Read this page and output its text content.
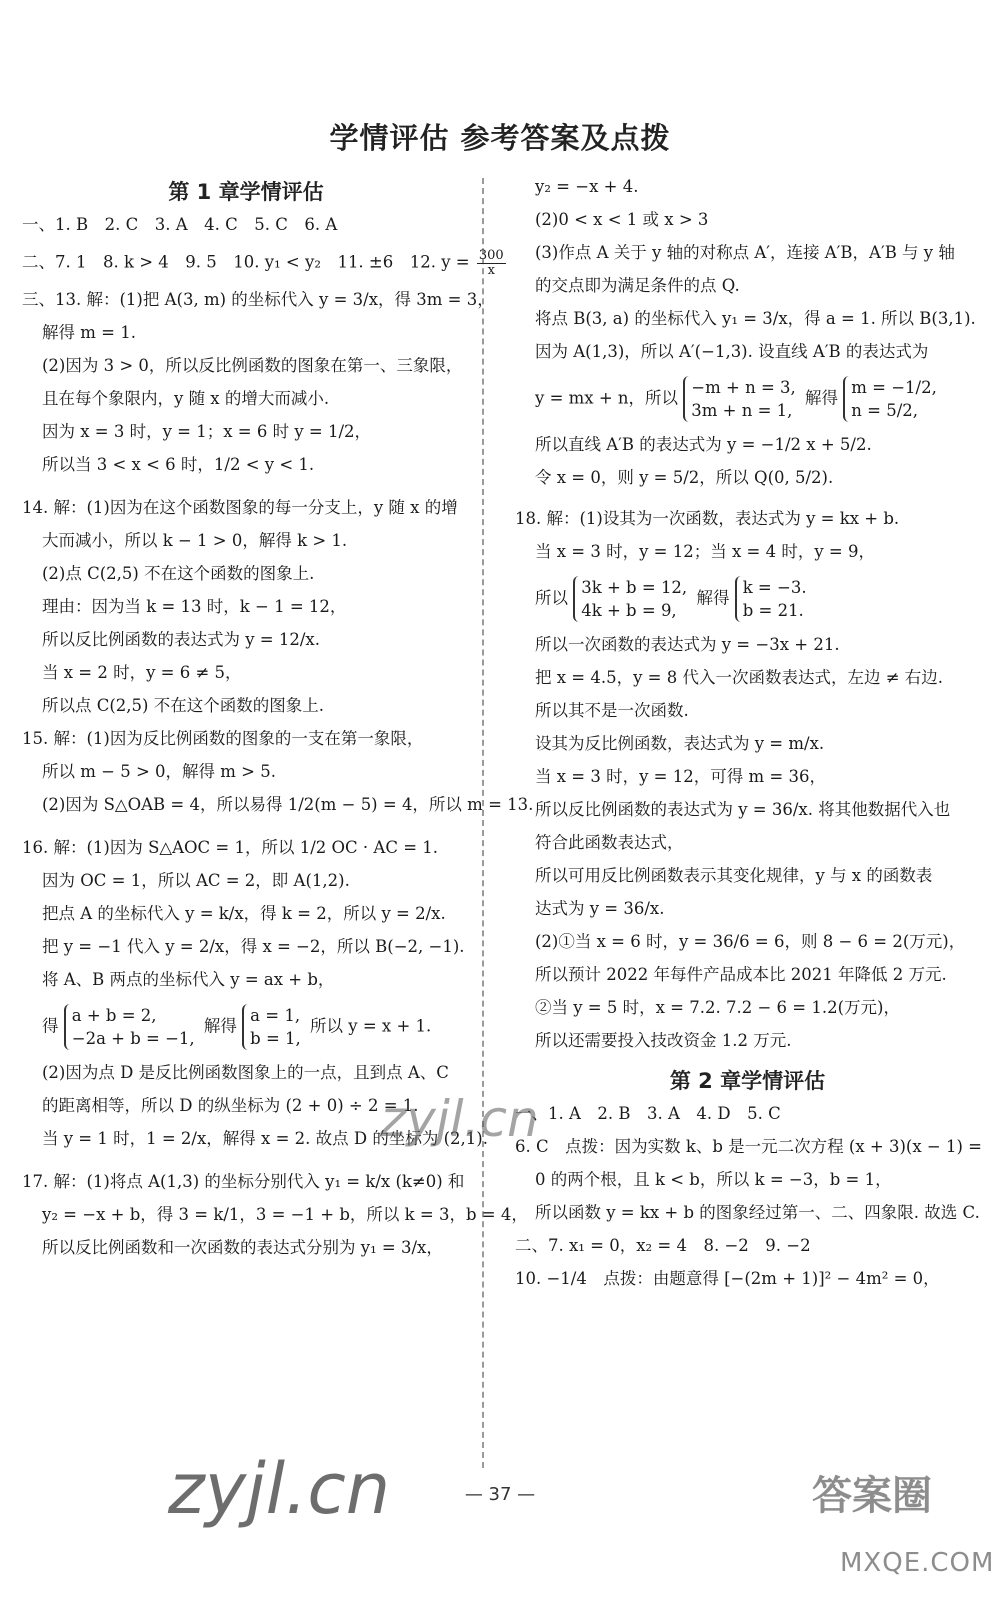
学情评估 参考答案及点拨
第 1 章学情评估
一、1. B　2. C　3. A　4. C　5. C　6. A
二、7. 1　8. k > 4　9. 5　10. y₁ < y₂　11. ±6　12. $y = \frac{300}{x}$
三、13. 解：(1)把 A(3, m) 的坐标代入 y = 3/x，得 3m = 3，
解得 m = 1.
(2)因为 3 > 0，所以反比例函数的图象在第一、三象限，
且在每个象限内，y 随 x 的增大而减小.
因为 x = 3 时，y = 1；x = 6 时 y = 1/2，
所以当 3 < x < 6 时，1/2 < y < 1.
14. 解：(1)因为在这个函数图象的每一分支上，y 随 x 的增
大而减小，所以 k − 1 > 0，解得 k > 1.
(2)点 C(2,5) 不在这个函数的图象上.
理由：因为当 k = 13 时，k − 1 = 12，
所以反比例函数的表达式为 y = 12/x.
当 x = 2 时，y = 6 ≠ 5，
所以点 C(2,5) 不在这个函数的图象上.
15. 解：(1)因为反比例函数的图象的一支在第一象限，
所以 m − 5 > 0，解得 m > 5.
(2)因为 S△OAB = 4，所以易得 1/2(m − 5) = 4，所以 m = 13.
16. 解：(1)因为 S△AOC = 1，所以 1/2 OC · AC = 1.
因为 OC = 1，所以 AC = 2，即 A(1,2).
把点 A 的坐标代入 y = k/x，得 k = 2，所以 y = 2/x.
把 y = −1 代入 y = 2/x，得 x = −2，所以 B(−2, −1).
将 A、B 两点的坐标代入 y = ax + b，
得
a + b = 2,
−2a + b = −1,
解得
a = 1,
b = 1,
所以 y = x + 1.
(2)因为点 D 是反比例函数图象上的一点，且到点 A、C
的距离相等，所以 D 的纵坐标为 (2 + 0) ÷ 2 = 1.
当 y = 1 时，1 = 2/x，解得 x = 2. 故点 D 的坐标为 (2,1).
17. 解：(1)将点 A(1,3) 的坐标分别代入 y₁ = k/x (k≠0) 和
y₂ = −x + b，得 3 = k/1，3 = −1 + b，所以 k = 3，b = 4，
所以反比例函数和一次函数的表达式分别为 y₁ = 3/x，
y₂ = −x + 4.
(2)0 < x < 1 或 x > 3
(3)作点 A 关于 y 轴的对称点 A′，连接 A′B，A′B 与 y 轴
的交点即为满足条件的点 Q.
将点 B(3, a) 的坐标代入 y₁ = 3/x，得 a = 1. 所以 B(3,1).
因为 A(1,3)，所以 A′(−1,3). 设直线 A′B 的表达式为
y = mx + n，所以
−m + n = 3,
3m + n = 1,
解得
m = −1/2,
n = 5/2,
所以直线 A′B 的表达式为 y = −1/2 x + 5/2.
令 x = 0，则 y = 5/2，所以 Q(0, 5/2).
18. 解：(1)设其为一次函数，表达式为 y = kx + b.
当 x = 3 时，y = 12；当 x = 4 时，y = 9，
所以
3k + b = 12,
4k + b = 9,
解得
k = −3.
b = 21.
所以一次函数的表达式为 y = −3x + 21.
把 x = 4.5，y = 8 代入一次函数表达式，左边 ≠ 右边.
所以其不是一次函数.
设其为反比例函数，表达式为 y = m/x.
当 x = 3 时，y = 12，可得 m = 36，
所以反比例函数的表达式为 y = 36/x. 将其他数据代入也
符合此函数表达式，
所以可用反比例函数表示其变化规律，y 与 x 的函数表
达式为 y = 36/x.
(2)①当 x = 6 时，y = 36/6 = 6，则 8 − 6 = 2(万元)，
所以预计 2022 年每件产品成本比 2021 年降低 2 万元.
②当 y = 5 时，x = 7.2. 7.2 − 6 = 1.2(万元)，
所以还需要投入技改资金 1.2 万元.
第 2 章学情评估
一、1. A　2. B　3. A　4. D　5. C
6. C　点拨：因为实数 k、b 是一元二次方程 (x + 3)(x − 1) =
0 的两个根，且 k < b，所以 k = −3，b = 1，
所以函数 y = kx + b 的图象经过第一、二、四象限. 故选 C.
二、7. x₁ = 0，x₂ = 4　8. −2　9. −2
10. −1/4　点拨：由题意得 [−(2m + 1)]² − 4m² = 0，
— 37 —
zyjl.cn
zyjl.cn	答案圈
MXQE.COM
